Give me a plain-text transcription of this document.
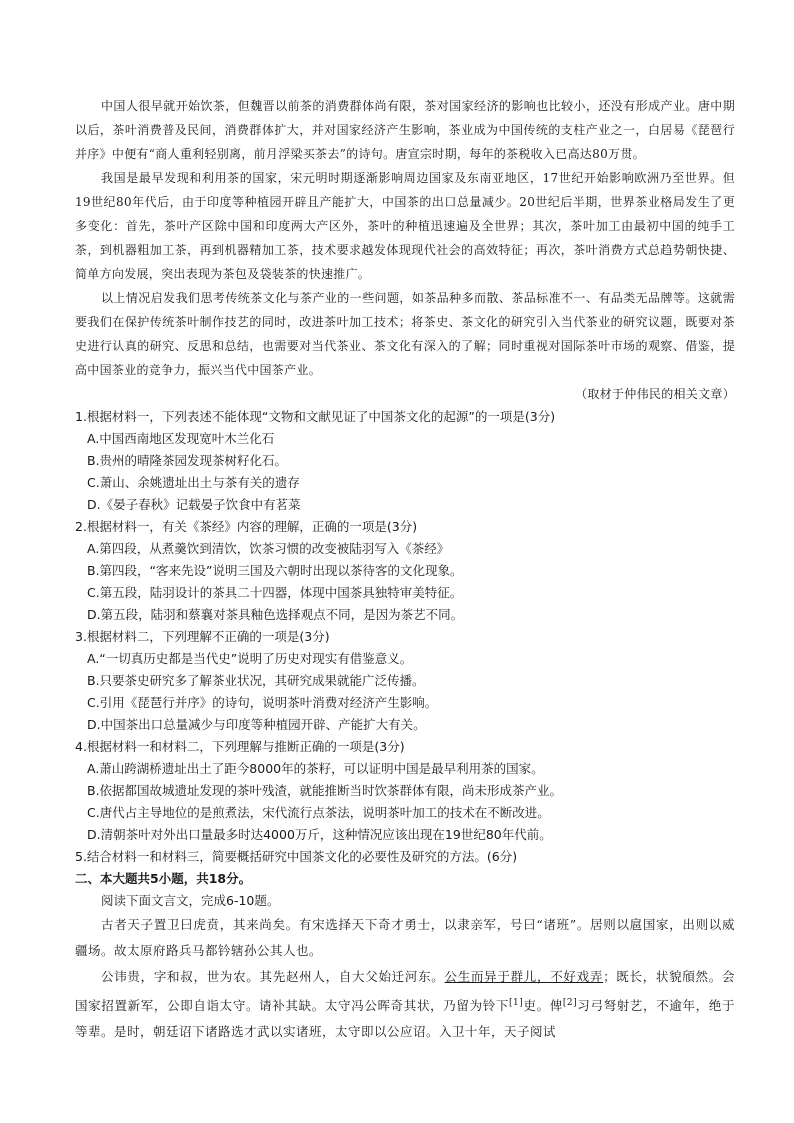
中国人很早就开始饮茶，但魏晋以前茶的消费群体尚有限，茶对国家经济的影响也比较小，还没有形成产业。唐中期以后，茶叶消费普及民间，消费群体扩大，并对国家经济产生影响，茶业成为中国传统的支柱产业之一，白居易《琵琶行并序》中便有“商人重利轻别离，前月浮梁买茶去”的诗句。唐宣宗时期，每年的茶税收入已高达80万贯。

我国是最早发现和利用茶的国家，宋元明时期逐渐影响周边国家及东南亚地区，17世纪开始影响欧洲乃至世界。但19世纪80年代后，由于印度等种植园开辟且产能扩大，中国茶的出口总量减少。20世纪后半期，世界茶业格局发生了更多变化：首先，茶叶产区除中国和印度两大产区外，茶叶的种植迅速遍及全世界；其次，茶叶加工由最初中国的纯手工茶，到机器粗加工茶，再到机器精加工茶，技术要求越发体现现代社会的高效特征；再次，茶叶消费方式总趋势朝快捷、简单方向发展，突出表现为茶包及袋装茶的快速推广。

以上情况启发我们思考传统茶文化与茶产业的一些问题，如茶品种多而散、茶品标准不一、有品类无品牌等。这就需要我们在保护传统茶叶制作技艺的同时，改进茶叶加工技术；将茶史、茶文化的研究引入当代茶业的研究议题，既要对茶史进行认真的研究、反思和总结，也需要对当代茶业、茶文化有深入的了解；同时重视对国际茶叶市场的观察、借鉴，提高中国茶业的竞争力，振兴当代中国茶产业。

（取材于仲伟民的相关文章）

1.根据材料一，下列表述不能体现“文物和文献见证了中国茶文化的起源”的一项是(3分)

A.中国西南地区发现宽叶木兰化石

B.贵州的晴隆茶园发现茶树籽化石。

C.萧山、余姚遗址出土与茶有关的遗存

D.《晏子春秋》记载晏子饮食中有茗菜

2.根据材料一，有关《茶经》内容的理解，正确的一项是(3分)

A.第四段，从煮羹饮到清饮，饮茶习惯的改变被陆羽写入《茶经》

B.第四段，“客来先设”说明三国及六朝时出现以茶待客的文化现象。

C.第五段，陆羽设计的茶具二十四器，体现中国茶具独特审美特征。

D.第五段，陆羽和蔡襄对茶具釉色选择观点不同，是因为茶艺不同。

3.根据材料二，下列理解不正确的一项是(3分)

A.“一切真历史都是当代史”说明了历史对现实有借鉴意义。

B.只要茶史研究多了解茶业状况，其研究成果就能广泛传播。

C.引用《琵琶行并序》的诗句，说明茶叶消费对经济产生影响。

D.中国茶出口总量减少与印度等种植园开辟、产能扩大有关。

4.根据材料一和材料二，下列理解与推断正确的一项是(3分)

A.萧山跨湖桥遗址出土了距今8000年的茶籽，可以证明中国是最早利用茶的国家。

B.依据都国故城遗址发现的茶叶残渣，就能推断当时饮茶群体有限，尚未形成茶产业。

C.唐代占主导地位的是煎煮法，宋代流行点茶法，说明茶叶加工的技术在不断改进。

D.清朝茶叶对外出口量最多时达4000万斤，这种情况应该出现在19世纪80年代前。

5.结合材料一和材料三，简要概括研究中国茶文化的必要性及研究的方法。(6分)

二、本大题共5小题，共18分。

阅读下面文言文，完成6-10题。

古者天子置卫曰虎贲，其来尚矣。有宋选择天下奇才勇士，以隶亲军，号曰“诸班”。居则以扈国家，出则以威疆场。故太原府路兵马都钤辖孙公其人也。

公讳贵，字和叔，世为农。其先赵州人，自大父始迁河东。公生而异于群儿，不好戏弄；既长，状貌頎然。会国家招置新军，公即自诣太守。请补其缺。太守冯公晖奇其状，乃留为铃下[1]吏。俾[2]习弓弩射艺，不逾年，绝于等辈。是时，朝廷诏下诸路选才武以实诸班，太守即以公应诏。入卫十年，天子阅试
